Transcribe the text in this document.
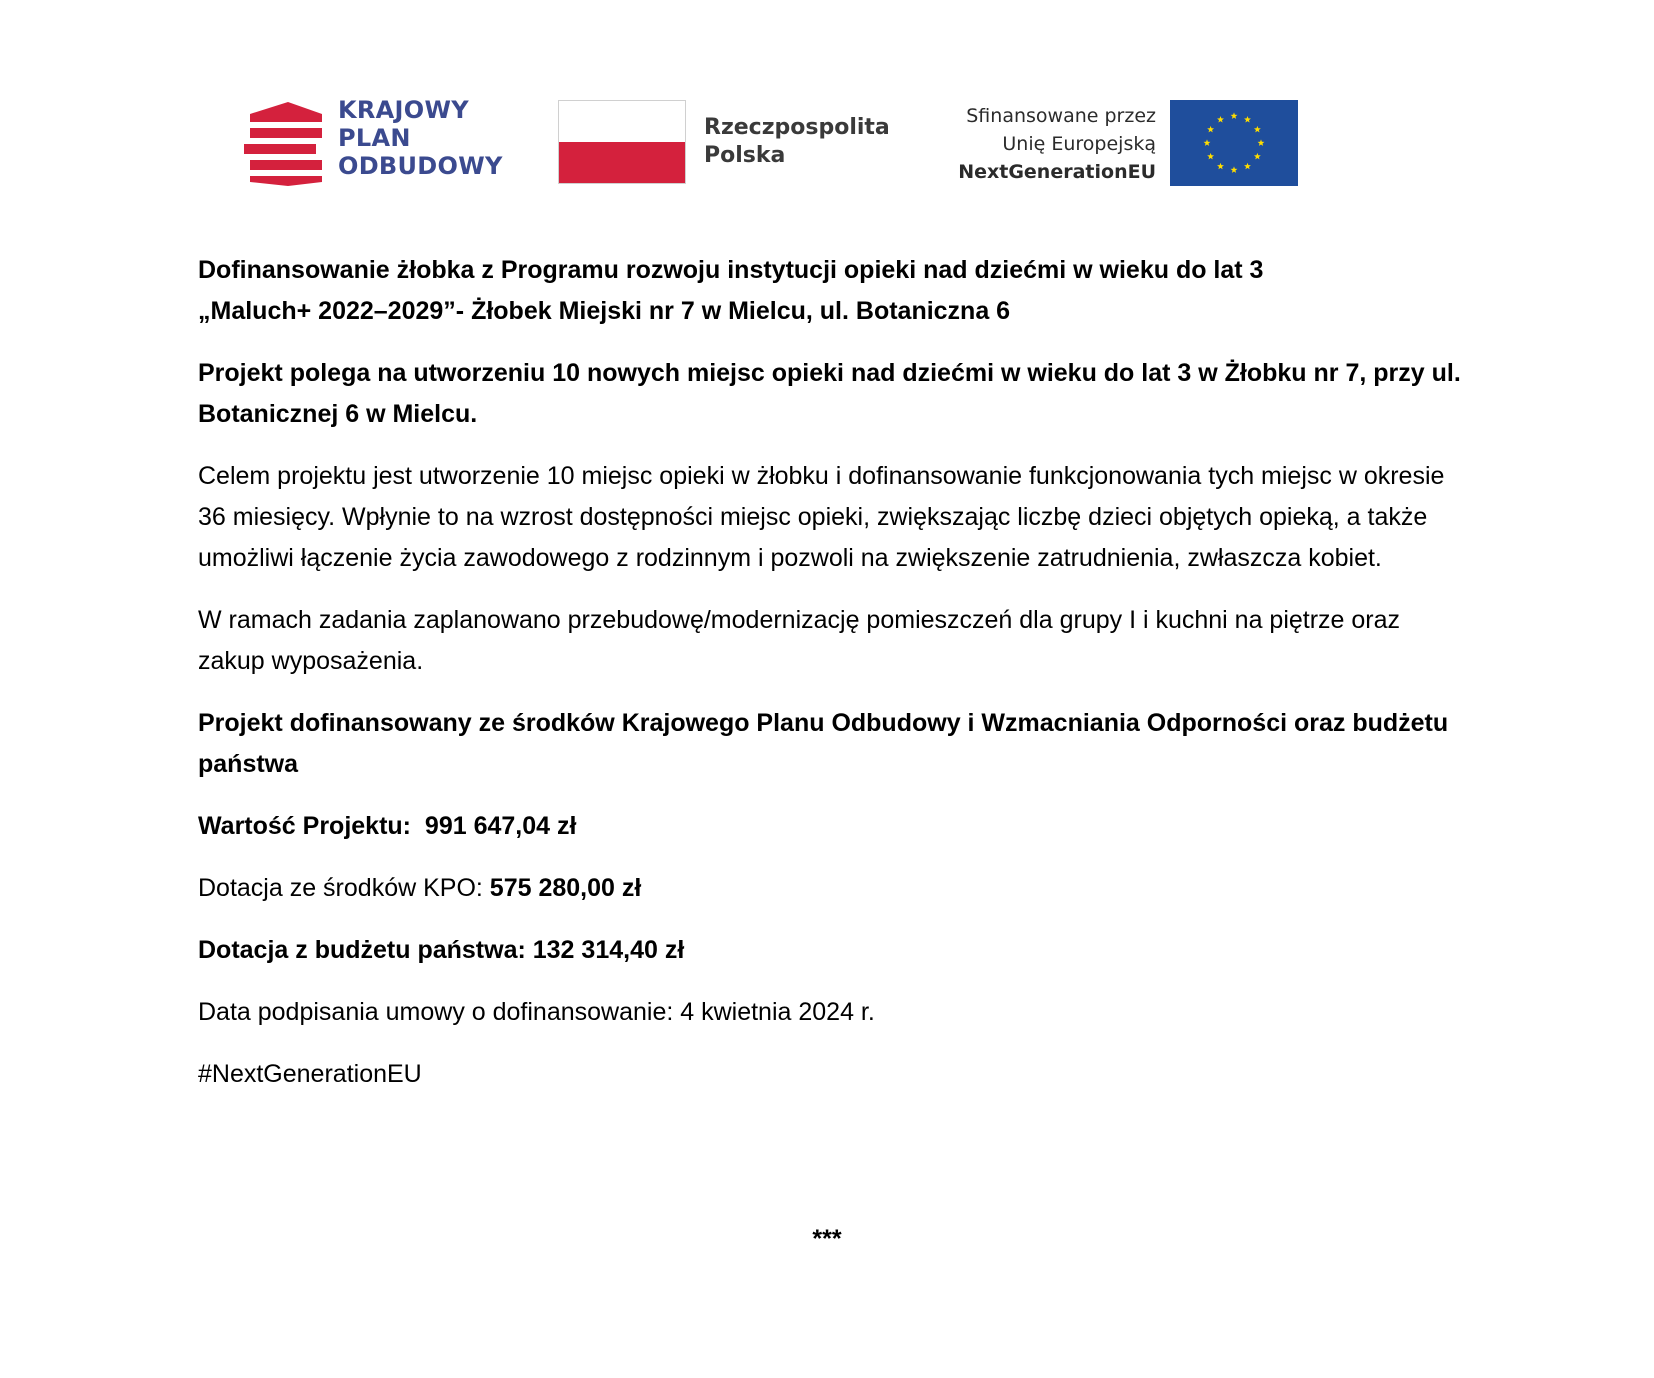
KRAJOWY
PLAN
ODBUDOWY
Rzeczpospolita
Polska
Sfinansowane przez
Unię Europejską
NextGenerationEU

Dofinansowanie żłobka z Programu rozwoju instytucji opieki nad dziećmi w wieku do lat 3
„Maluch+ 2022–2029”- Żłobek Miejski nr 7 w Mielcu, ul. Botaniczna 6

Projekt polega na utworzeniu 10 nowych miejsc opieki nad dziećmi w wieku do lat 3 w Żłobku nr 7, przy ul. Botanicznej 6 w Mielcu.

Celem projektu jest utworzenie 10 miejsc opieki w żłobku i dofinansowanie funkcjonowania tych miejsc w okresie 36 miesięcy. Wpłynie to na wzrost dostępności miejsc opieki, zwiększając liczbę dzieci objętych opieką, a także umożliwi łączenie życia zawodowego z rodzinnym i pozwoli na zwiększenie zatrudnienia, zwłaszcza kobiet.

W ramach zadania zaplanowano przebudowę/modernizację pomieszczeń dla grupy I i kuchni na piętrze oraz zakup wyposażenia.

Projekt dofinansowany ze środków Krajowego Planu Odbudowy i Wzmacniania Odporności oraz budżetu państwa

Wartość Projektu: 991 647,04 zł

Dotacja ze środków KPO: 575 280,00 zł

Dotacja z budżetu państwa: 132 314,40 zł

Data podpisania umowy o dofinansowanie: 4 kwietnia 2024 r.

#NextGenerationEU

***
